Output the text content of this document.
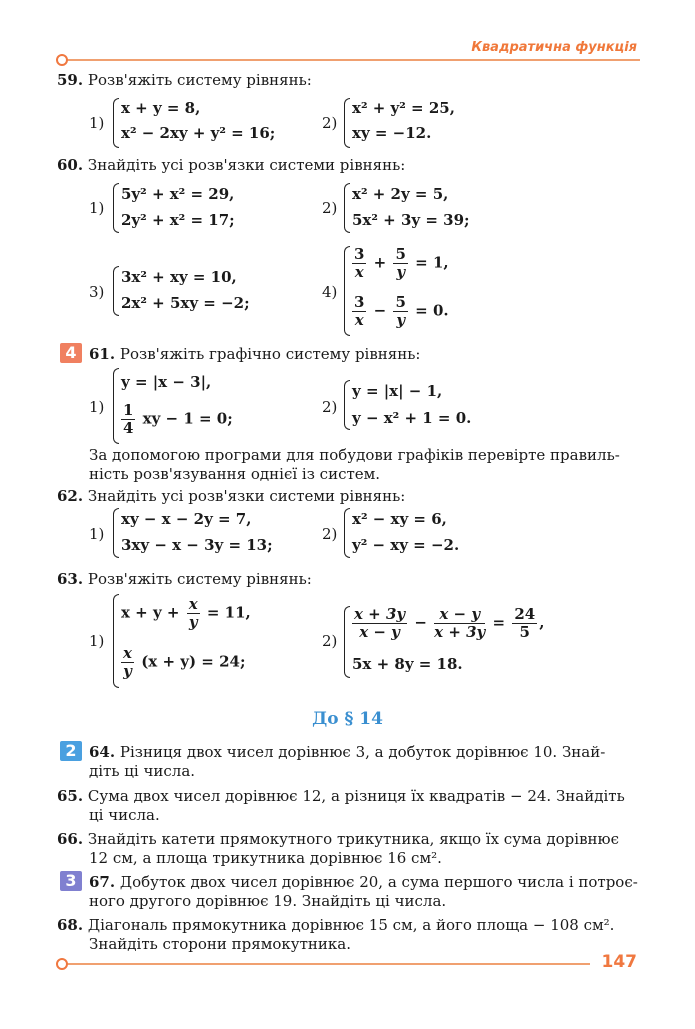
Квадратична функція
59. Розв'яжіть систему рівнянь:
1)
x + y = 8,
x² − 2xy + y² = 16;
2)
x² + y² = 25,
xy = −12.
60. Знайдіть усі розв'язки системи рівнянь:
1)
5y² + x² = 29,
2y² + x² = 17;
2)
x² + 2y = 5,
5x² + 3y = 39;
3)
3x² + xy = 10,
2x² + 5xy = −2;
4)
$\frac{3}{x} + \frac{5}{y} = 1$,
$\frac{3}{x} - \frac{5}{y} = 0$.
4 61. Розв'яжіть графічно систему рівнянь:
1)
y = |x − 3|,
$\frac{1}{4}$ xy − 1 = 0;
2)
y = |x| − 1,
y − x² + 1 = 0.
За допомогою програми для побудови графіків перевірте правиль-
ність розв'язування однієї із систем.
62. Знайдіть усі розв'язки системи рівнянь:
1)
xy − x − 2y = 7,
3xy − x − 3y = 13;
2)
x² − xy = 6,
y² − xy = −2.
63. Розв'яжіть систему рівнянь:
1)
$x + y + \frac{x}{y} = 11$,
$\frac{x}{y} (x + y) = 24$;
$2) \frac{x + 3y}{x - y} - \frac{x - y}{x + 3y} = \frac{24}{5}$ ,
5x + 8y = 18.
До § 14
2 64. Різниця двох чисел дорівнює 3, а добуток дорівнює 10. Знай-
діть ці числа.
65. Сума двох чисел дорівнює 12, а різниця їх квадратів − 24. Знайдіть
ці числа.
66. Знайдіть катети прямокутного трикутника, якщо їх сума дорівнює
12 см, а площа трикутника дорівнює 16 см².
3 67. Добуток двох чисел дорівнює 20, а сума першого числа і потроє-
ного другого дорівнює 19. Знайдіть ці числа.
68. Діагональ прямокутника дорівнює 15 см, а його площа − 108 см².
Знайдіть сторони прямокутника.
147
